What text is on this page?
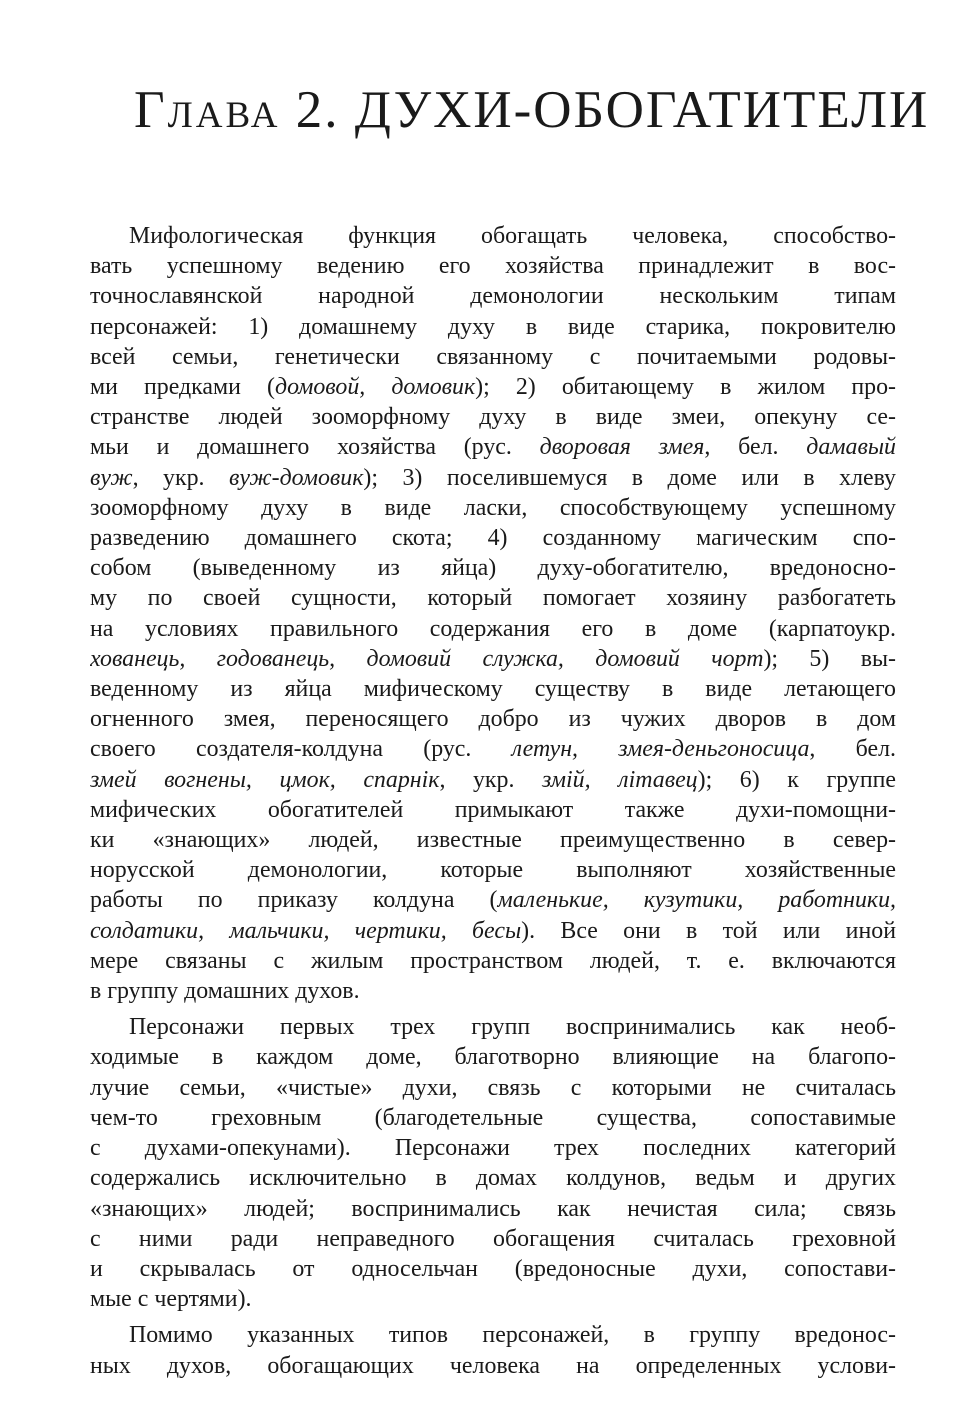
Глава 2. ДУХИ-ОБОГАТИТЕЛИ
Мифологическая функция обогащать человека, способство-
вать успешному ведению его хозяйства принадлежит в вос-
точнославянской народной демонологии нескольким типам
персонажей: 1) домашнему духу в виде старика, покровителю
всей семьи, генетически связанному с почитаемыми родовы-
ми предками (домовой, домовик); 2) обитающему в жилом про-
странстве людей зооморфному духу в виде змеи, опекуну се-
мьи и домашнего хозяйства (рус. дворовая змея, бел. дамавый
вуж, укр. вуж-домовик); 3) поселившемуся в доме или в хлеву
зооморфному духу в виде ласки, способствующему успешному
разведению домашнего скота; 4) созданному магическим спо-
собом (выведенному из яйца) духу-обогатителю, вредоносно-
му по своей сущности, который помогает хозяину разбогатеть
на условиях правильного содержания его в доме (карпатоукр.
хованець, годованець, домовий служка, домовий чорт); 5) вы-
веденному из яйца мифическому существу в виде летающего
огненного змея, переносящего добро из чужих дворов в дом
своего создателя-колдуна (рус. летун, змея-деньгоносица, бел.
змей вогнены, цмок, спарнік, укр. змій, літавец); 6) к группе
мифических обогатителей примыкают также духи-помощни-
ки «знающих» людей, известные преимущественно в север-
норусской демонологии, которые выполняют хозяйственные
работы по приказу колдуна (маленькие, кузутики, работники,
солдатики, мальчики, чертики, бесы). Все они в той или иной
мере связаны с жилым пространством людей, т. е. включаются
в группу домашних духов.
Персонажи первых трех групп воспринимались как необ-
ходимые в каждом доме, благотворно влияющие на благопо-
лучие семьи, «чистые» духи, связь с которыми не считалась
чем-то греховным (благодетельные существа, сопоставимые
с духами-опекунами). Персонажи трех последних категорий
содержались исключительно в домах колдунов, ведьм и других
«знающих» людей; воспринимались как нечистая сила; связь
с ними ради неправедного обогащения считалась греховной
и скрывалась от односельчан (вредоносные духи, сопостави-
мые с чертями).
Помимо указанных типов персонажей, в группу вредонос-
ных духов, обогащающих человека на определенных услови-
